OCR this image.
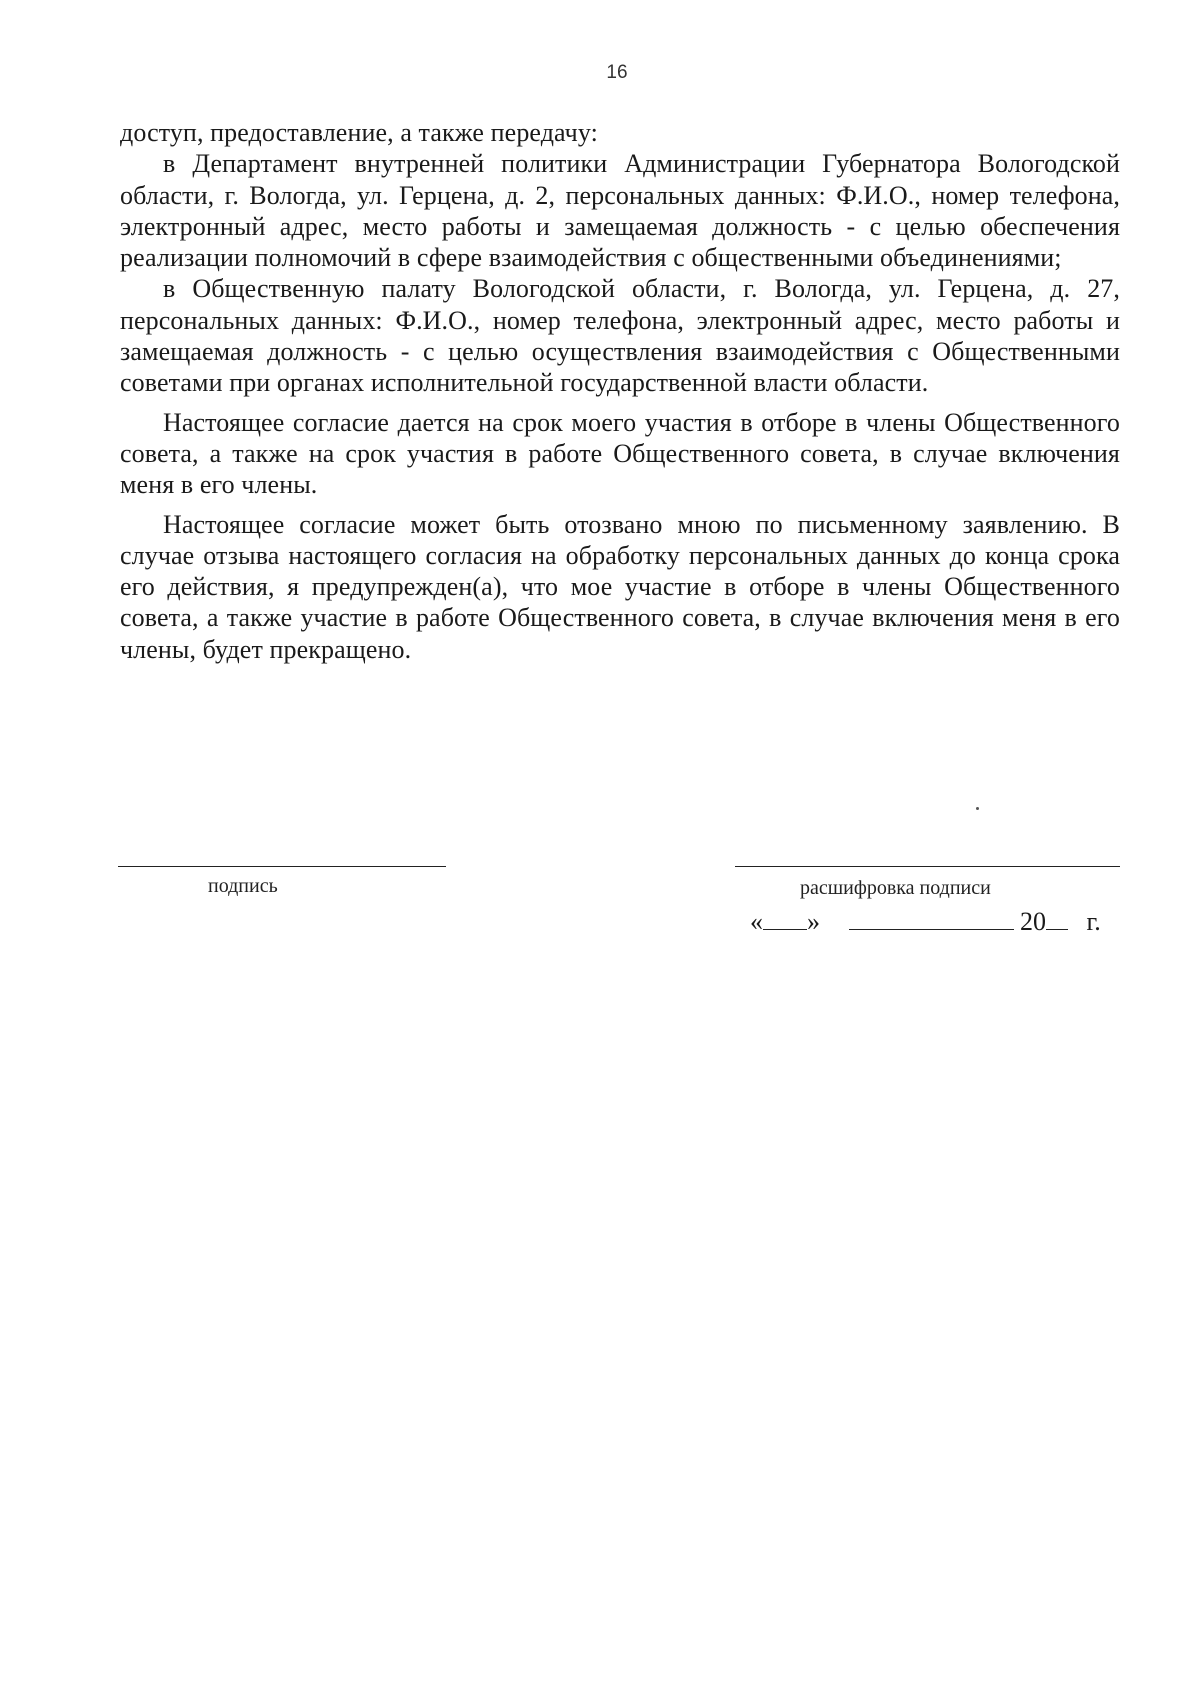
16

доступ, предоставление, а также передачу:

в Департамент внутренней политики Администрации Губернатора Вологодской области, г. Вологда, ул. Герцена, д. 2, персональных данных: Ф.И.О., номер телефона, электронный адрес, место работы и замещаемая должность - с целью обеспечения реализации полномочий в сфере взаимодействия с общественными объединениями;

в Общественную палату Вологодской области, г. Вологда, ул. Герцена, д. 27, персональных данных: Ф.И.О., номер телефона, электронный адрес, место работы и замещаемая должность - с целью осуществления взаимодействия с Общественными советами при органах исполнительной государственной власти области.

Настоящее согласие дается на срок моего участия в отборе в члены Общественного совета, а также на срок участия в работе Общественного совета, в случае включения меня в его члены.

Настоящее согласие может быть отозвано мною по письменному заявлению. В случае отзыва настоящего согласия на обработку персональных данных до конца срока его действия, я предупрежден(а), что мое участие в отборе в члены Общественного совета, а также участие в работе Общественного совета, в случае включения меня в его члены, будет прекращено.

подпись	расшифровка подписи
« »	20 г.
